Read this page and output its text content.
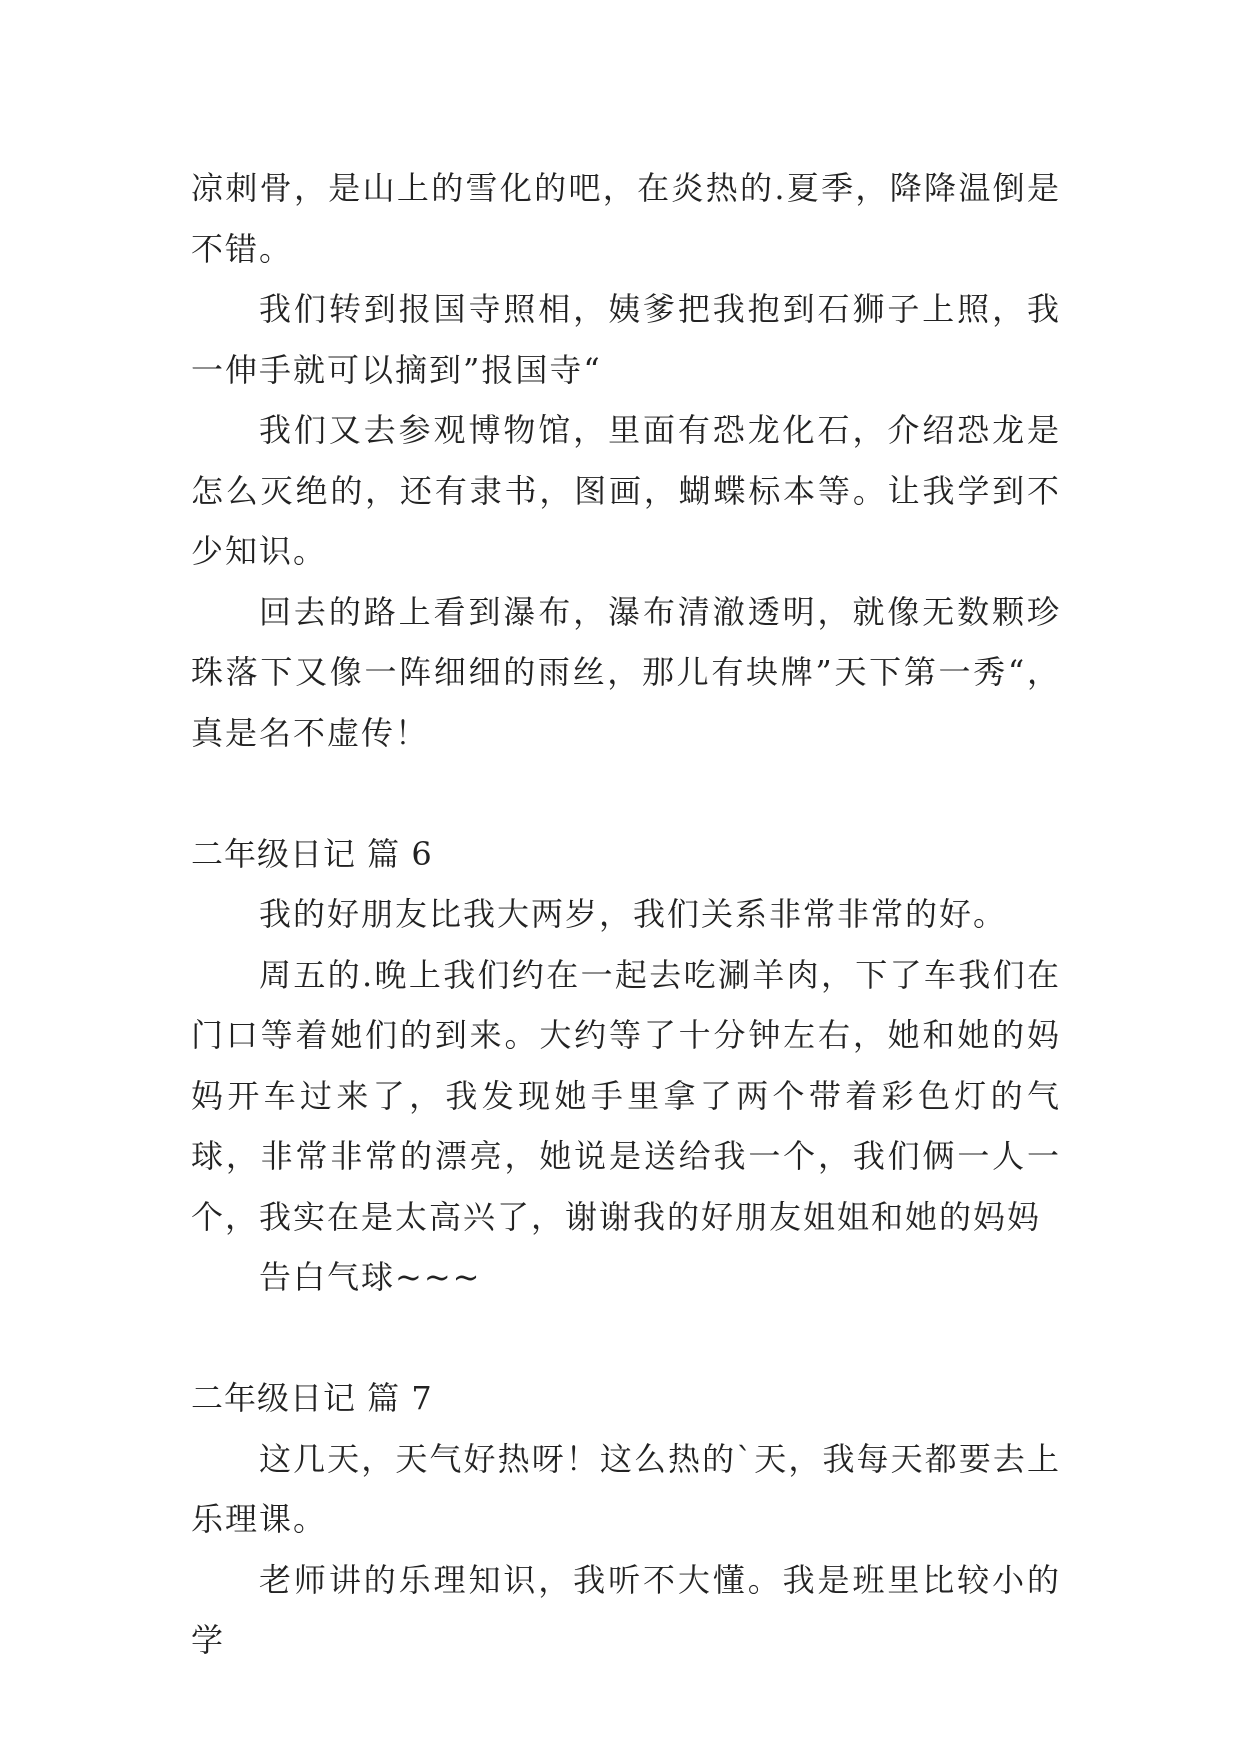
凉刺骨，是山上的雪化的吧，在炎热的.夏季，降降温倒是不错。

我们转到报国寺照相，姨爹把我抱到石狮子上照，我一伸手就可以摘到”报国寺“

我们又去参观博物馆，里面有恐龙化石，介绍恐龙是怎么灭绝的，还有隶书，图画，蝴蝶标本等。让我学到不少知识。

回去的路上看到瀑布，瀑布清澈透明，就像无数颗珍珠落下又像一阵细细的雨丝，那儿有块牌”天下第一秀“，真是名不虚传！

二年级日记 篇 6

我的好朋友比我大两岁，我们关系非常非常的好。

周五的.晚上我们约在一起去吃涮羊肉，下了车我们在门口等着她们的到来。大约等了十分钟左右，她和她的妈妈开车过来了，我发现她手里拿了两个带着彩色灯的气球，非常非常的漂亮，她说是送给我一个，我们俩一人一个，我实在是太高兴了，谢谢我的好朋友姐姐和她的妈妈

告白气球~~~

二年级日记 篇 7

这几天，天气好热呀！这么热的`天，我每天都要去上乐理课。

老师讲的乐理知识，我听不大懂。我是班里比较小的学
